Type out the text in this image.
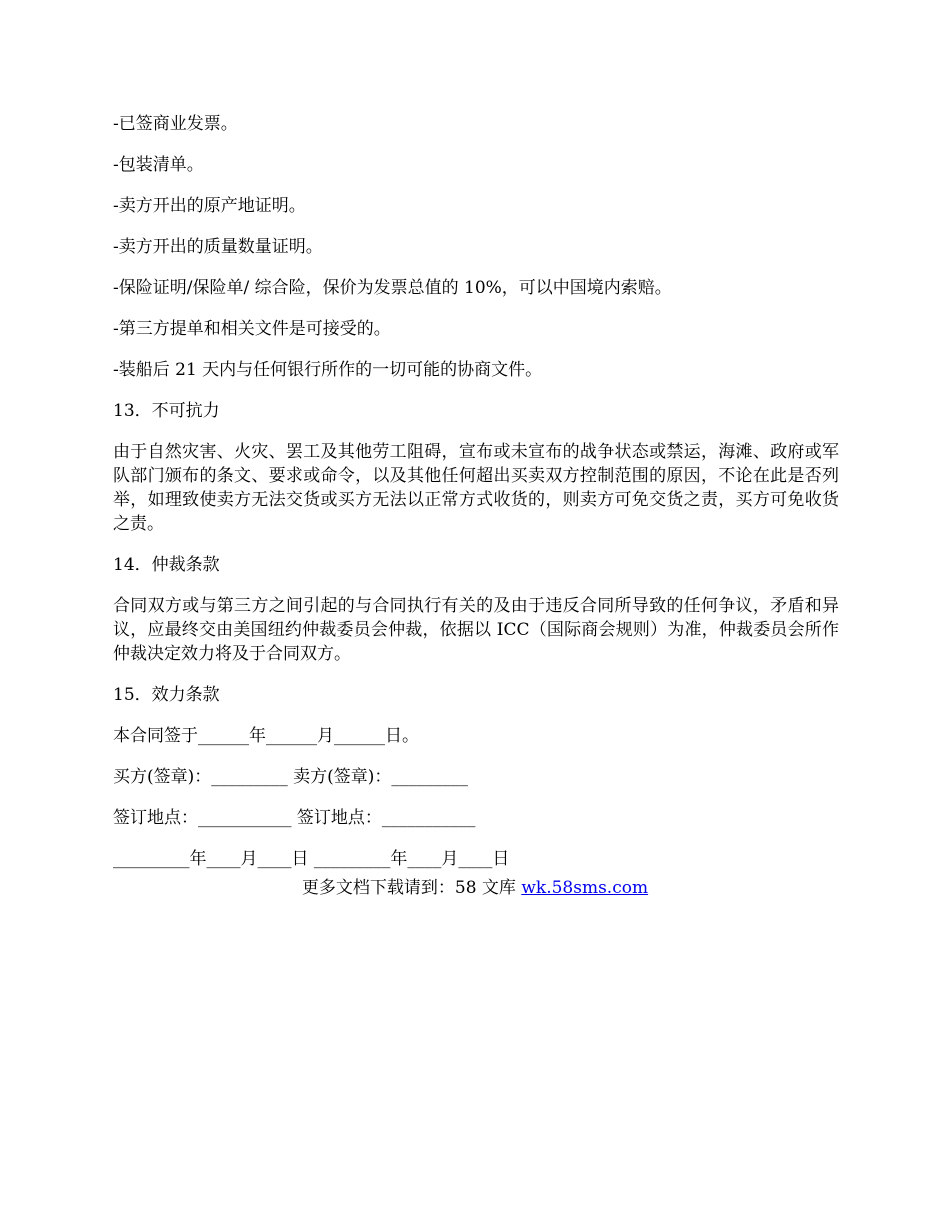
-已签商业发票。

-包装清单。

-卖方开出的原产地证明。

-卖方开出的质量数量证明。

-保险证明/保险单/ 综合险，保价为发票总值的 10%，可以中国境内索赔。

-第三方提单和相关文件是可接受的。

-装船后 21 天内与任何银行所作的一切可能的协商文件。

13．不可抗力

由于自然灾害、火灾、罢工及其他劳工阻碍，宣布或未宣布的战争状态或禁运，海滩、政府或军队部门颁布的条文、要求或命令，以及其他任何超出买卖双方控制范围的原因，不论在此是否列举，如理致使卖方无法交货或买方无法以正常方式收货的，则卖方可免交货之责，买方可免收货之责。

14．仲裁条款

合同双方或与第三方之间引起的与合同执行有关的及由于违反合同所导致的任何争议，矛盾和异议，应最终交由美国纽约仲裁委员会仲裁，依据以 ICC（国际商会规则）为准，仲裁委员会所作仲裁决定效力将及于合同双方。

15．效力条款

本合同签于______年______月______日。

买方(签章)：_________ 卖方(签章)：_________

签订地点：___________ 签订地点：___________

_________年____月____日 _________年____月____日

更多文档下载请到：58 文库 wk.58sms.com
